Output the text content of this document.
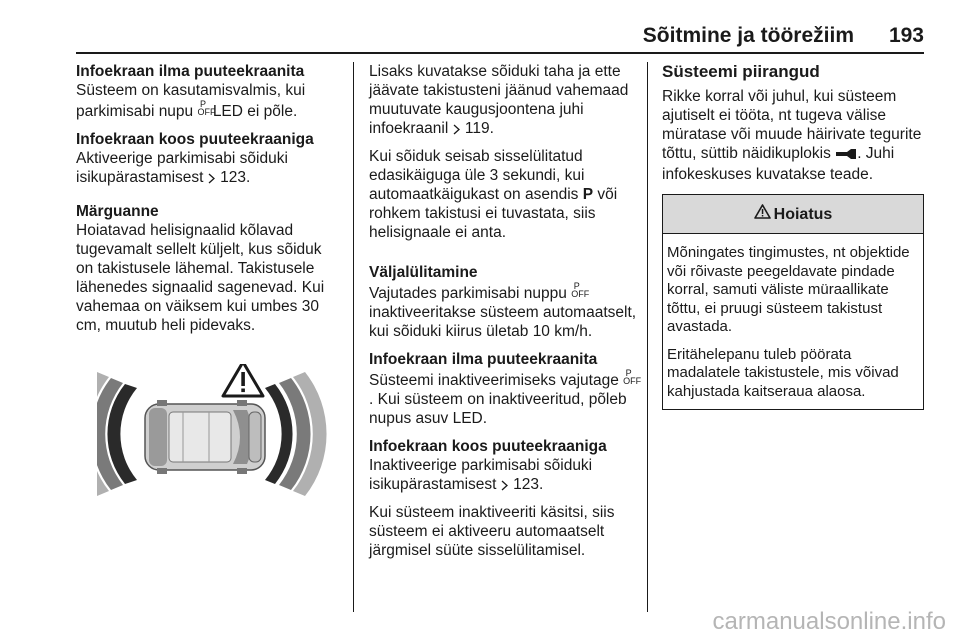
Sõitmine ja töörežiim 193
Infoekraan ilma puuteekraanita
Süsteem on kasutamisvalmis, kui parkimisabi nupu P
OFF LED ei põle.
Infoekraan koos puuteekraaniga
Aktiveerige parkimisabi sõiduki isikupärastamisest 123.
Märguanne
Hoiatavad helisignaalid kõlavad tugevamalt sellelt küljelt, kus sõiduk on takistusele lähemal. Takistusele lähenedes signaalid sagenevad. Kui vahemaa on väiksem kui umbes 30 cm, muutub heli pidevaks.
Lisaks kuvatakse sõiduki taha ja ette jäävate takistusteni jäänud vahemaad muutuvate kaugusjoontena juhi infoekraanil 119.
Kui sõiduk seisab sisselülitatud edasikäiguga üle 3 sekundi, kui automaatkäigukast on asendis P või rohkem takistusi ei tuvastata, siis helisignaale ei anta.
Väljalülitamine
Vajutades parkimisabi nuppu P
OFF inaktiveeritakse süsteem automaatselt, kui sõiduki kiirus ületab 10 km/h.
Infoekraan ilma puuteekraanita
Süsteemi inaktiveerimiseks vajutage P
OFF. Kui süsteem on inaktiveeritud, põleb nupus asuv LED.
Infoekraan koos puuteekraaniga
Inaktiveerige parkimisabi sõiduki isikupärastamisest 123.
Kui süsteem inaktiveeriti käsitsi, siis süsteem ei aktiveeru automaatselt järgmisel süüte sisselülitamisel.
Süsteemi piirangud
Rikke korral või juhul, kui süsteem ajutiselt ei tööta, nt tugeva välise müratase või muude häirivate tegurite tõttu, süttib näidikuplokis . Juhi infokeskuses kuvatakse teade.
Hoiatus
Mõningates tingimustes, nt objektide või rõivaste peegeldavate pindade korral, samuti väliste müraallikate tõttu, ei pruugi süsteem takistust avastada.
Eritähelepanu tuleb pöörata madalatele takistustele, mis võivad kahjustada kaitseraua alaosa.
carmanualsonline.info
